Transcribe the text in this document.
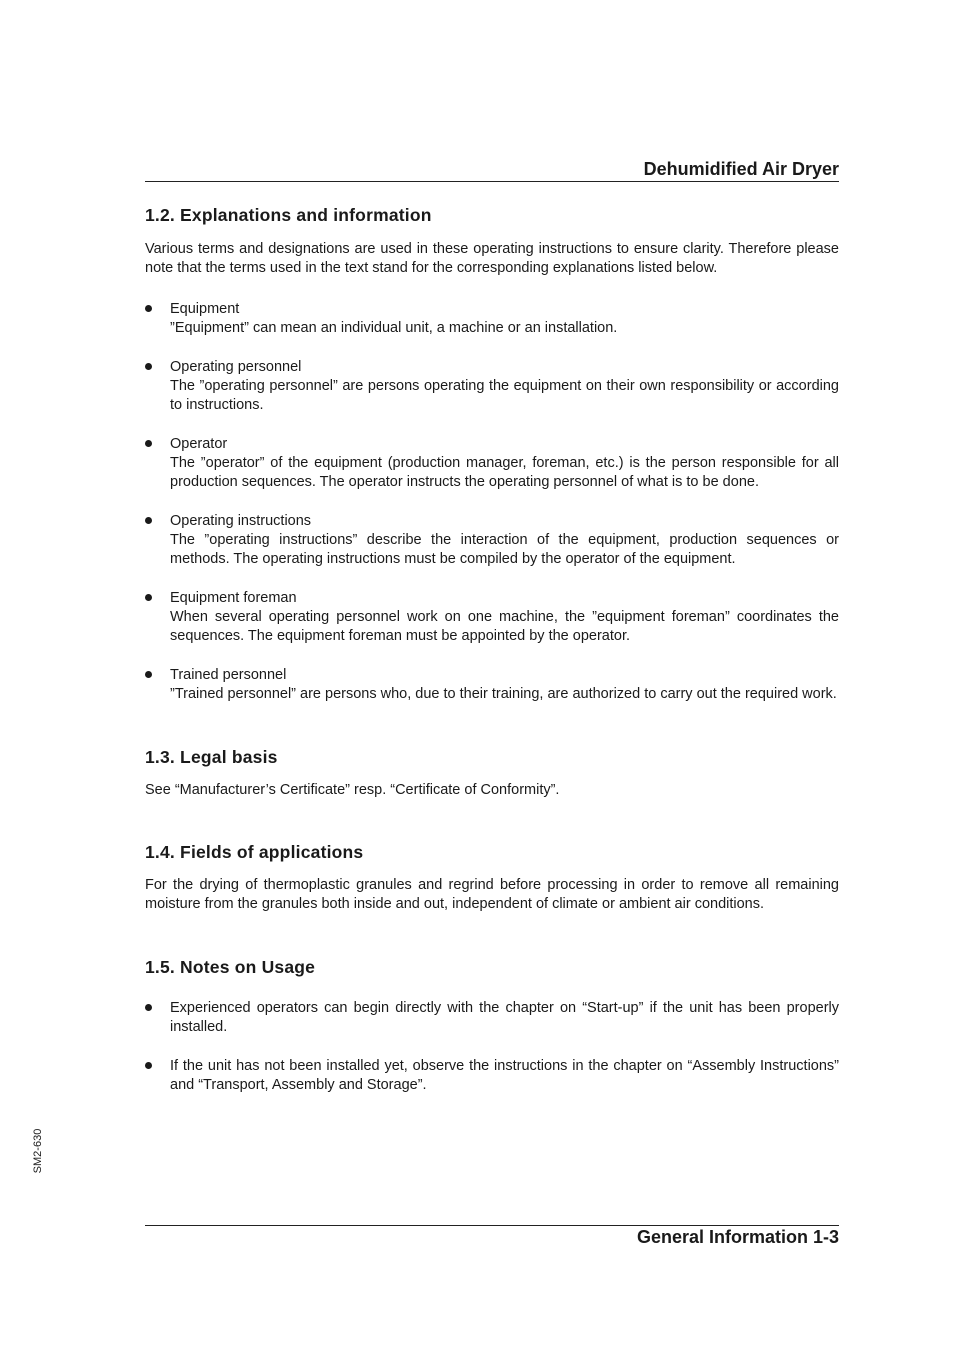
Dehumidified Air Dryer
1.2. Explanations and information

Various terms and designations are used in these operating instructions to ensure clarity. Therefore please note that the terms used in the text stand for the corresponding explanations listed below.

Equipment
”Equipment” can mean an individual unit, a machine or an installation.
Operating personnel
The ”operating personnel” are persons operating the equipment on their own responsibility or according to instructions.
Operator
The ”operator” of the equipment (production manager, foreman, etc.) is the person responsible for all production sequences. The operator instructs the operating personnel of what is to be done.
Operating instructions
The ”operating instructions” describe the interaction of the equipment, production sequences or methods. The operating instructions must be compiled by the operator of the equipment.
Equipment foreman
When several operating personnel work on one machine, the ”equipment foreman” coordinates the sequences. The equipment foreman must be appointed by the operator.
Trained personnel
”Trained personnel” are persons who, due to their training, are authorized to carry out the required work.
1.3. Legal basis

See “Manufacturer’s Certificate” resp. “Certificate of Conformity”.

1.4. Fields of applications

For the drying of thermoplastic granules and regrind before processing in order to remove all remaining moisture from the granules both inside and out, independent of climate or ambient air conditions.

1.5. Notes on Usage
Experienced operators can begin directly with the chapter on “Start-up” if the unit has been properly installed.
If the unit has not been installed yet, observe the instructions in the chapter on “Assembly Instructions” and “Transport, Assembly and Storage”.
SM2-630
General Information 1-3
